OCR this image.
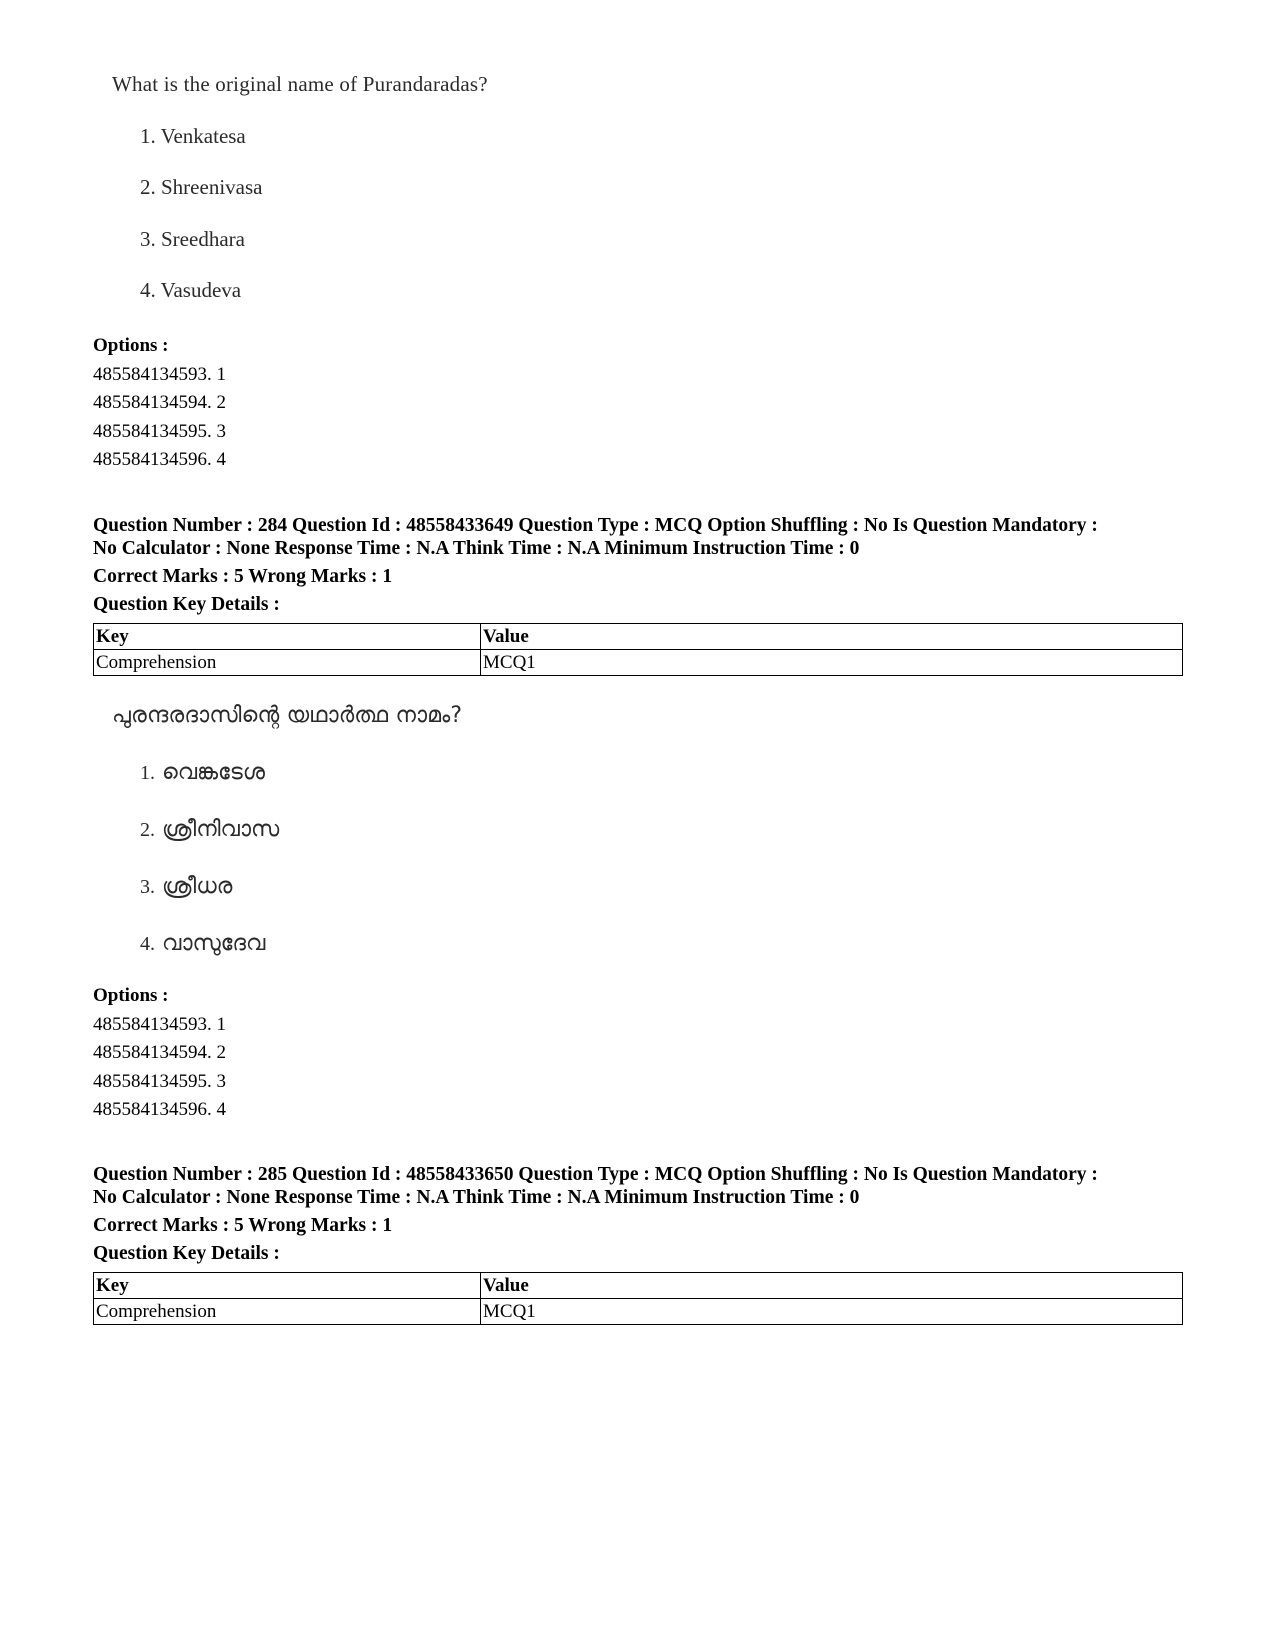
What is the original name of Purandaradas?
1. Venkatesa
2. Shreenivasa
3. Sreedhara
4. Vasudeva
Options :
485584134593. 1
485584134594. 2
485584134595. 3
485584134596. 4
Question Number : 284 Question Id : 48558433649 Question Type : MCQ Option Shuffling : No Is Question Mandatory :
No Calculator : None Response Time : N.A Think Time : N.A Minimum Instruction Time : 0
Correct Marks : 5 Wrong Marks : 1
Question Key Details :
Key	Value
Comprehension	MCQ1
പുരന്ദരദാസിന്റെ യഥാർത്ഥ നാമം?
1. വെങ്കടേശ
2. ശ്രീനിവാസ
3. ശ്രീധര
4. വാസുദേവ
Options :
485584134593. 1
485584134594. 2
485584134595. 3
485584134596. 4
Question Number : 285 Question Id : 48558433650 Question Type : MCQ Option Shuffling : No Is Question Mandatory :
No Calculator : None Response Time : N.A Think Time : N.A Minimum Instruction Time : 0
Correct Marks : 5 Wrong Marks : 1
Question Key Details :
Key	Value
Comprehension	MCQ1
